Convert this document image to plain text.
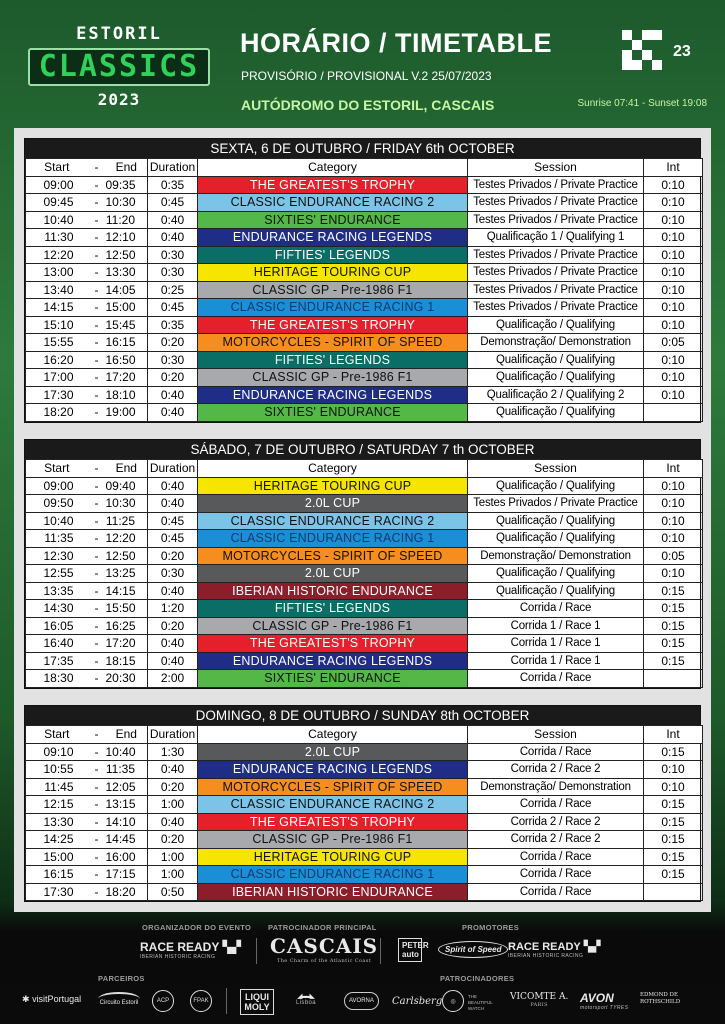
ESTORIL
CLASSICS
2023
HORÁRIO / TIMETABLE
PROVISÓRIO / PROVISIONAL V.2 25/07/2023
AUTÓDROMO DO ESTORIL, CASCAIS	Sunrise 07:41 - Sunset 19:08
23
SEXTA, 6 DE OUTUBRO / FRIDAY 6th OCTOBER
Start	-	End	Duration	Category	Session	Int
09:00	-	09:35	0:35	THE GREATEST'S TROPHY	Testes Privados / Private Practice	0:10
09:45	-	10:30	0:45	CLASSIC ENDURANCE RACING 2	Testes Privados / Private Practice	0:10
10:40	-	11:20	0:40	SIXTIES' ENDURANCE	Testes Privados / Private Practice	0:10
11:30	-	12:10	0:40	ENDURANCE RACING LEGENDS	Qualificação 1 / Qualifying 1	0:10
12:20	-	12:50	0:30	FIFTIES' LEGENDS	Testes Privados / Private Practice	0:10
13:00	-	13:30	0:30	HERITAGE TOURING CUP	Testes Privados / Private Practice	0:10
13:40	-	14:05	0:25	CLASSIC GP - Pre-1986 F1	Testes Privados / Private Practice	0:10
14:15	-	15:00	0:45	CLASSIC ENDURANCE RACING 1	Testes Privados / Private Practice	0:10
15:10	-	15:45	0:35	THE GREATEST'S TROPHY	Qualificação / Qualifying	0:10
15:55	-	16:15	0:20	MOTORCYCLES - SPIRIT OF SPEED	Demonstração/ Demonstration	0:05
16:20	-	16:50	0:30	FIFTIES' LEGENDS	Qualificação / Qualifying	0:10
17:00	-	17:20	0:20	CLASSIC GP - Pre-1986 F1	Qualificação / Qualifying	0:10
17:30	-	18:10	0:40	ENDURANCE RACING LEGENDS	Qualificação 2 / Qualifying 2	0:10
18:20	-	19:00	0:40	SIXTIES' ENDURANCE	Qualificação / Qualifying	
SÁBADO, 7 DE OUTUBRO / SATURDAY 7 th OCTOBER
Start	-	End	Duration	Category	Session	Int
09:00	-	09:40	0:40	HERITAGE TOURING CUP	Qualificação / Qualifying	0:10
09:50	-	10:30	0:40	2.0L CUP	Testes Privados / Private Practice	0:10
10:40	-	11:25	0:45	CLASSIC ENDURANCE RACING 2	Qualificação / Qualifying	0:10
11:35	-	12:20	0:45	CLASSIC ENDURANCE RACING 1	Qualificação / Qualifying	0:10
12:30	-	12:50	0:20	MOTORCYCLES - SPIRIT OF SPEED	Demonstração/ Demonstration	0:05
12:55	-	13:25	0:30	2.0L CUP	Qualificação / Qualifying	0:10
13:35	-	14:15	0:40	IBERIAN HISTORIC ENDURANCE	Qualificação / Qualifying	0:15
14:30	-	15:50	1:20	FIFTIES' LEGENDS	Corrida / Race	0:15
16:05	-	16:25	0:20	CLASSIC GP - Pre-1986 F1	Corrida 1 / Race 1	0:15
16:40	-	17:20	0:40	THE GREATEST'S TROPHY	Corrida 1 / Race 1	0:15
17:35	-	18:15	0:40	ENDURANCE RACING LEGENDS	Corrida 1 / Race 1	0:15
18:30	-	20:30	2:00	SIXTIES' ENDURANCE	Corrida / Race	
DOMINGO, 8 DE OUTUBRO / SUNDAY 8th OCTOBER
Start	-	End	Duration	Category	Session	Int
09:10	-	10:40	1:30	2.0L CUP	Corrida / Race	0:15
10:55	-	11:35	0:40	ENDURANCE RACING LEGENDS	Corrida 2 / Race 2	0:10
11:45	-	12:05	0:20	MOTORCYCLES - SPIRIT OF SPEED	Demonstração/ Demonstration	0:10
12:15	-	13:15	1:00	CLASSIC ENDURANCE RACING 2	Corrida / Race	0:15
13:30	-	14:10	0:40	THE GREATEST'S TROPHY	Corrida 2 / Race 2	0:15
14:25	-	14:45	0:20	CLASSIC GP - Pre-1986 F1	Corrida 2 / Race 2	0:15
15:00	-	16:00	1:00	HERITAGE TOURING CUP	Corrida / Race	0:15
16:15	-	17:15	1:00	CLASSIC ENDURANCE RACING 1	Corrida / Race	0:15
17:30	-	18:20	0:50	IBERIAN HISTORIC ENDURANCE	Corrida / Race	
ORGANIZADOR DO EVENTO PATROCINADOR PRINCIPAL	PROMOTORES
RACE READY ▚▞
IBERIAN HISTORIC RACING	CASCAIS
The Charm of the Atlantic Coast
PETER auto
Spirit of Speed RACE READY ▚▞
IBERIAN HISTORIC RACING
PARCEIROS	PATROCINADORES
✱ visitPortugal	Circuito Estoril	ACP	FPAK	LIQUI MOLY
◢▬◣
Lisboa	AVORNA	Carlsberg	◎
THE BEAUTIFUL WATCH
VICOMTE A.
PARIS	AVON
motorsport TYRES
EDMOND DE ROTHSCHILD
